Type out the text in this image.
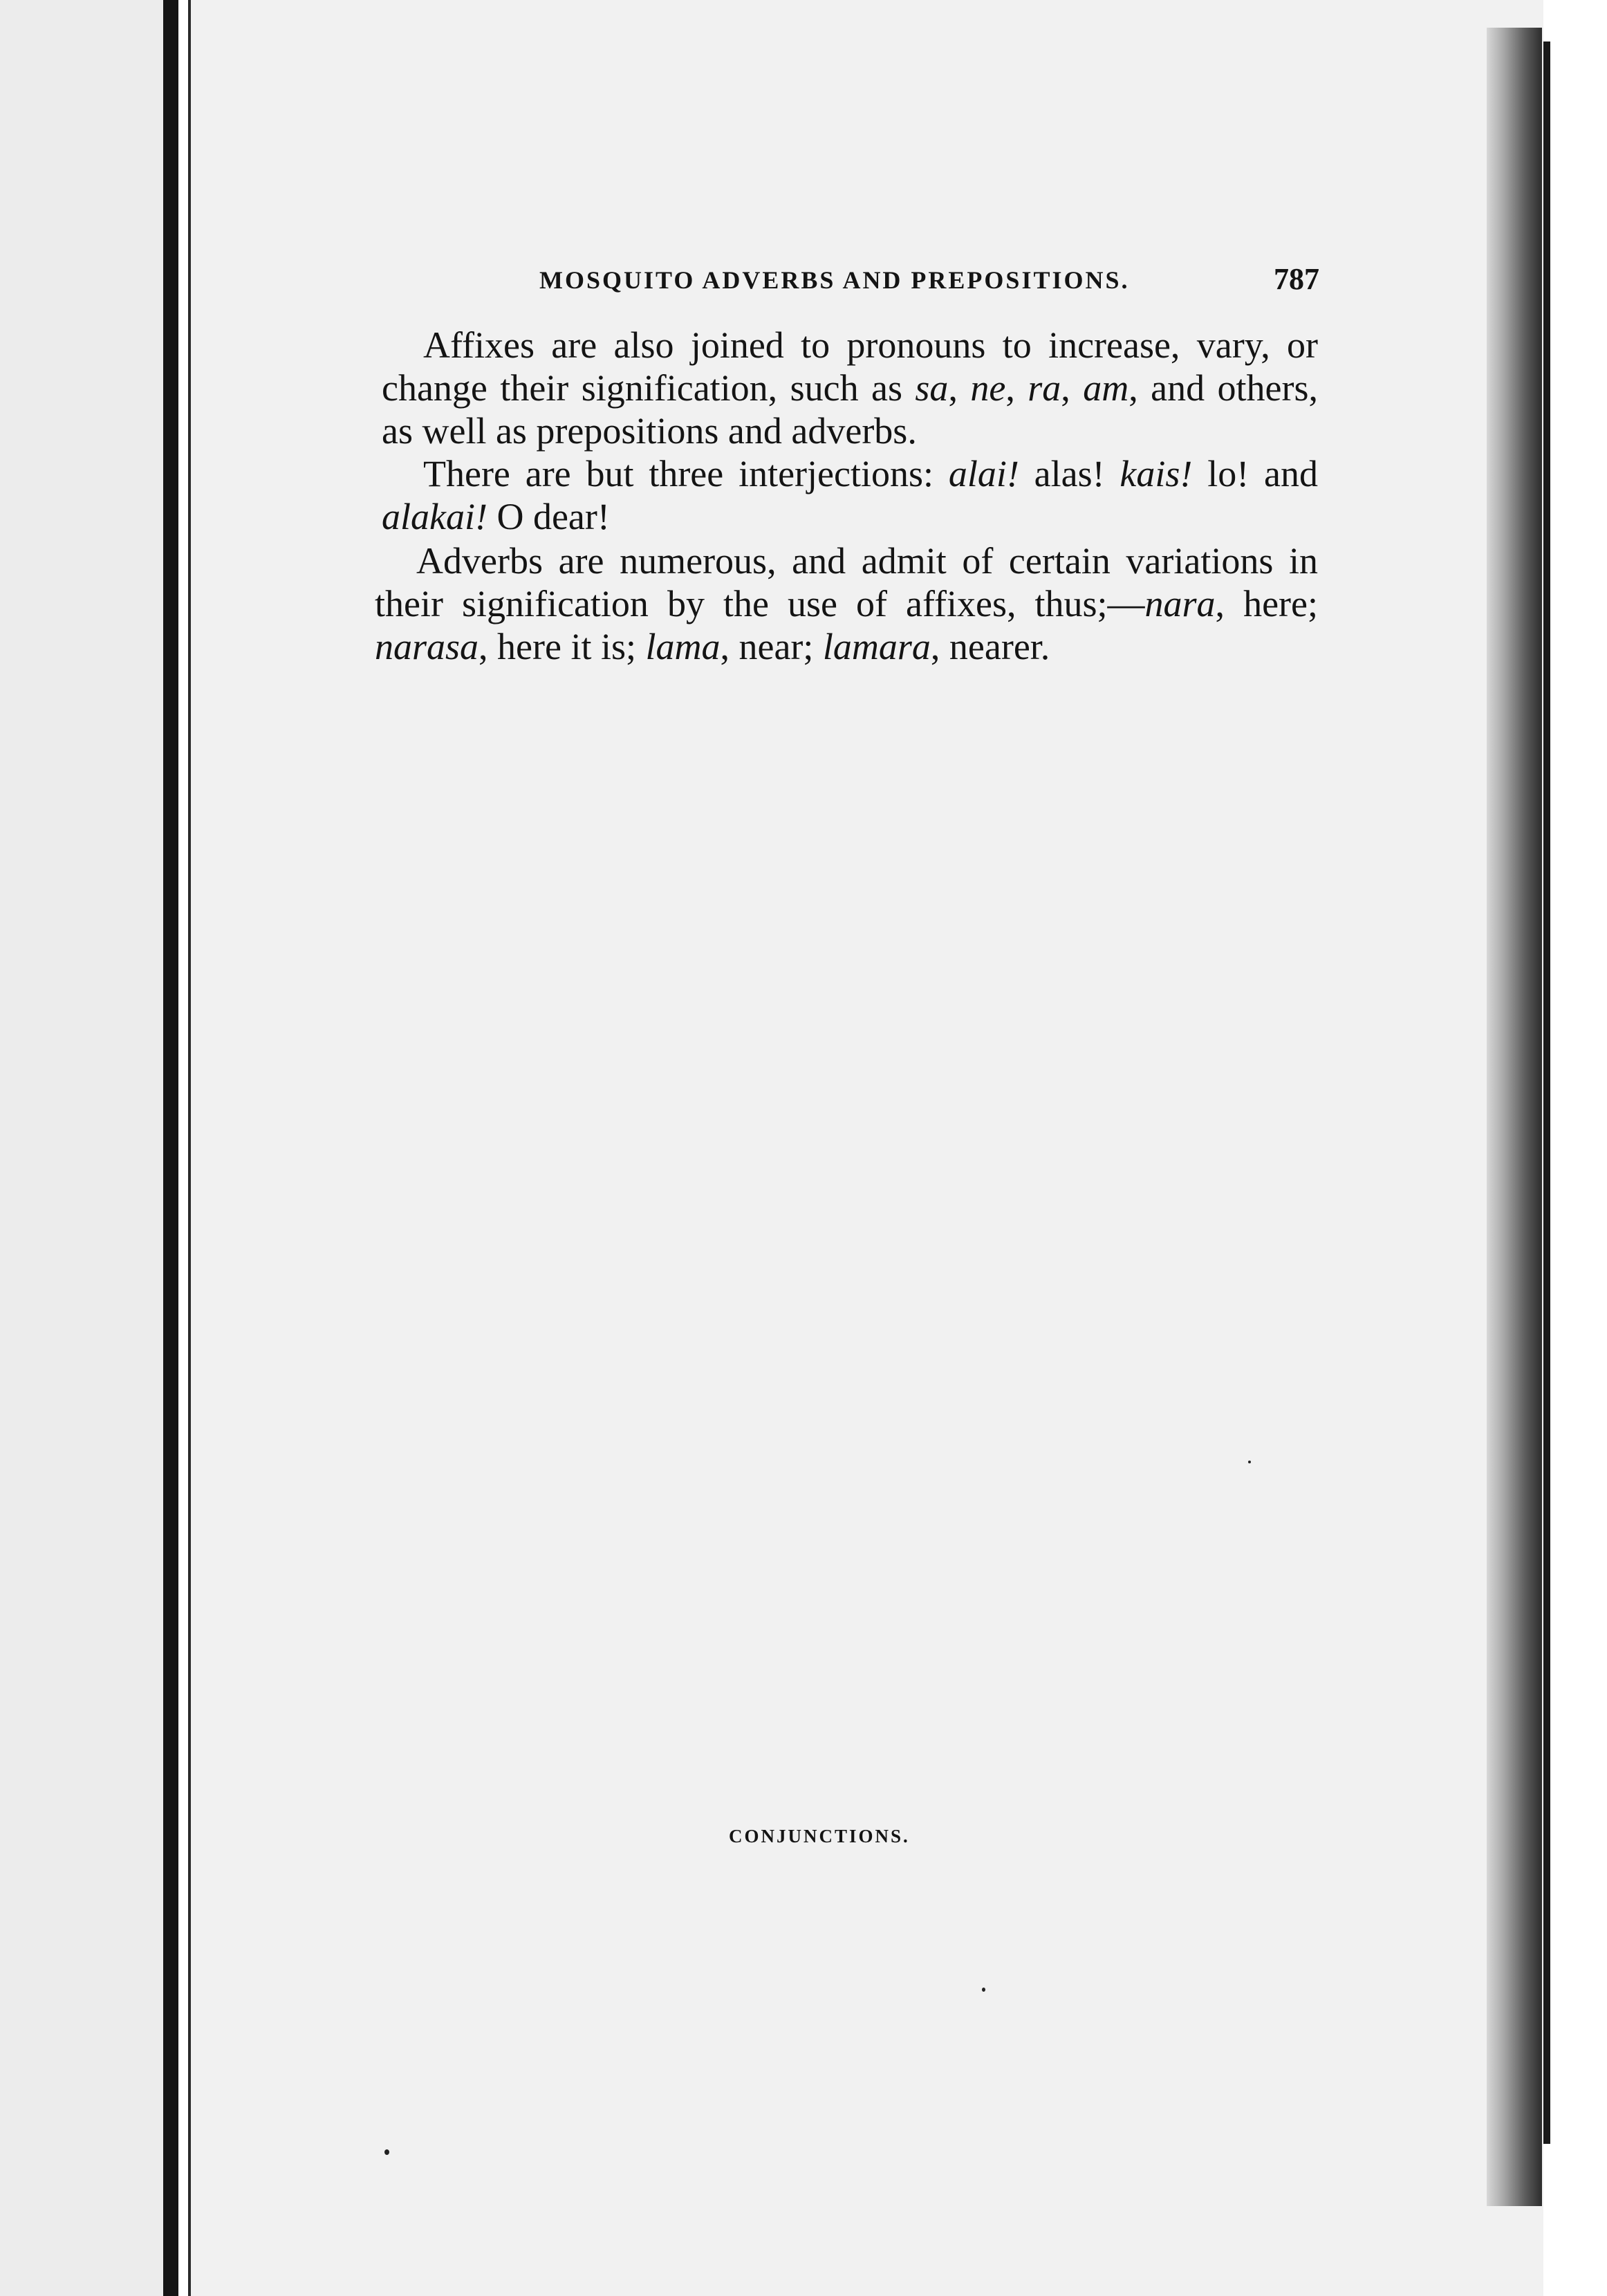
MOSQUITO ADVERBS AND PREPOSITIONS.	787

Affixes are also joined to pronouns to increase, vary, or change their signification, such as sa, ne, ra, am, and others, as well as prepositions and adverbs.

There are but three interjections: alai! alas! kais! lo! and alakai! O dear!

Adverbs are numerous, and admit of certain variations in their signification by the use of affixes, thus;—nara, here; narasa, here it is; lama, near; lamara, nearer.

CONJUNCTIONS.
